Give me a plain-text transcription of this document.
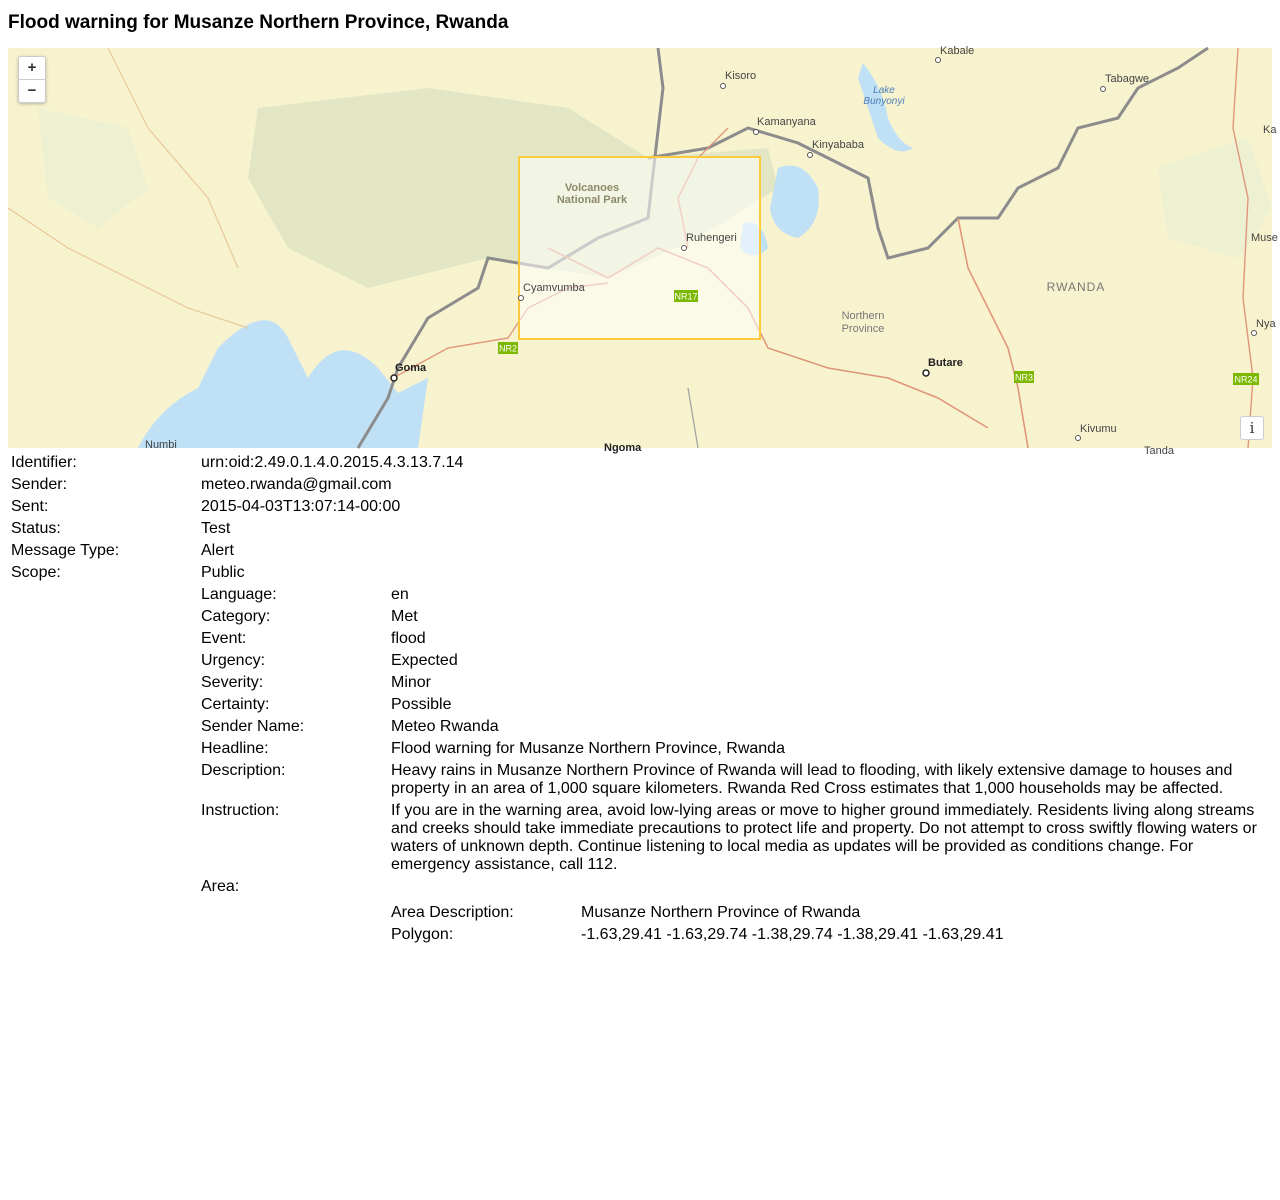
Flood warning for Musanze Northern Province, Rwanda
NR17
NR2
NR3	NR24
Kabale
Kisoro
Lake
Bunyonyi
Tabagwe
Kamanyana
Kinyababa
Volcanoes
National Park
Ruhengeri
Cyamvumba	RWANDA
Northern
Province
Butare
Goma
Kivumu
Numbi	Ngoma	Tanda
Ka
Muse
Nya
+
−
i
Identifier:	urn:oid:2.49.0.1.4.0.2015.4.3.13.7.14
Sender:	meteo.rwanda@gmail.com
Sent:	2015-04-03T13:07:14-00:00
Status:	Test
Message Type:	Alert
Scope:	Public
Language:	en
Category:	Met
Event:	flood
Urgency:	Expected
Severity:	Minor
Certainty:	Possible
Sender Name:	Meteo Rwanda
Headline:	Flood warning for Musanze Northern Province, Rwanda
Description:	Heavy rains in Musanze Northern Province of Rwanda will lead to flooding, with likely extensive damage to houses and property in an area of 1,000 square kilometers. Rwanda Red Cross estimates that 1,000 households may be affected.
Instruction:	If you are in the warning area, avoid low-lying areas or move to higher ground immediately. Residents living along streams and creeks should take immediate precautions to protect life and property. Do not attempt to cross swiftly flowing waters or waters of unknown depth. Continue listening to local media as updates will be provided as conditions change. For emergency assistance, call 112.
Area:
Area Description:	Musanze Northern Province of Rwanda
Polygon:	-1.63,29.41 -1.63,29.74 -1.38,29.74 -1.38,29.41 -1.63,29.41
